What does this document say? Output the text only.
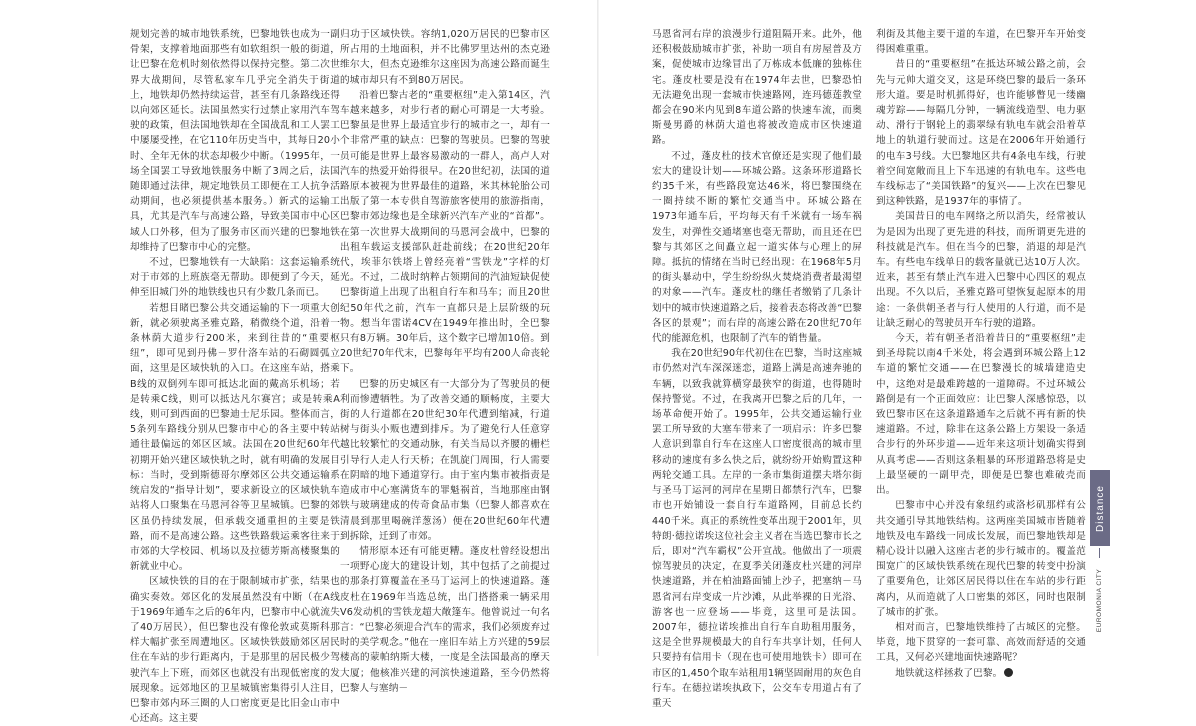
规划完善的城市地铁系统，巴黎地铁也成为一副骨架，支撑着地面那些有如软组织一般的街道，让巴黎在危机时刻依然得以保持完整。第二次世界大战期间，尽管私家车几乎完全消失于街道上，地铁却仍然持续运营，甚至有几条路线还得以向郊区延长。法国虽然实行过禁止家用汽车驾驶的政策，但法国地铁却在全国战乱和工人罢工中屡屡受挫，在它110年历史当中，其每日20小时、全年无休的状态却极少中断。（1995年，一场全国罢工导致地铁服务中断了3周之后，法国随即通过法律，规定地铁员工即便在工人抗争活动期间，也必须提供基本服务。）新式的运输工具，尤其是汽车与高速公路，导致美国市中心区域人口外移，但为了服务市区而兴建的巴黎地铁却维持了巴黎市中心的完整。

不过，巴黎地铁有一大缺陷：这套运输系统对于市郊的上班族毫无帮助。即便到了今天，延伸至旧城门外的地铁线也只有少数几条而已。

若想目睹巴黎公共交通运输的下一项重大创新，就必须驶离圣雅克路，稍微绕个道，沿着一条林荫大道步行200米，来到往昔的“重要枢纽”，即可见到丹佛－罗什洛车站的石砌圆弧立面，这里是区域快轨的入口。在这座车站，搭乘B线的双倒列车即可抵达北面的戴高乐机场；若是转乘C线，则可以抵达凡尔赛宫；或是转乘A线，则可到西面的巴黎迪士尼乐园。整体而言，5条列车路线分别从巴黎市中心的各主要中转站通往最偏远的郊区区域。法国在20世纪60年代初期开始兴建区域快轨之时，就有明确的发展目标：当时，受到斯德哥尔摩郊区公共交通运输系统启发的“指导计划”，要求新设立的区域快轨车站将人口聚集在马恩河谷等卫星城镇。巴黎的郊区虽仍持续发展，但承载交通重担的主要是铁路，而不是高速公路。这些铁路载运乘客往来于市郊的大学校园、机场以及拉德芳斯高楼聚集的新就业中心。

区域快铁的目的在于限制城市扩张，结果也确实奏效。郊区化的发展虽然没有中断（在A线于1969年通车之后的6年内，巴黎市中心就流失了40万居民），但巴黎也没有像伦敦或莫斯科那样大幅扩张至周遭地区。区域快铁鼓励郊区居民住在车站的步行距离内，于是那里的居民极少驾驶汽车上下班，而郊区也就没有出现低密度的发展现象。远郊地区的卫星城镇密集得引人注目，巴黎市郊内环三圈的人口密度更是比旧金山市中心还高。这主要

归功于区域快铁。容纳1,020万居民的巴黎市区所占用的土地面积，并不比佛罗里达州的杰克逊维尔大，但杰克逊维尔这座因为高速公路而诞生的城市却只有不到80万居民。

沿着巴黎古老的“重要枢纽”走入第14区，汽车越来越多，对步行者的耐心可谓是一大考验。巴黎虽是世界上最适宜步行的城市之一，却有一个非常严重的缺点：巴黎的驾驶员。巴黎的驾驶员可能是世界上最容易激动的一群人，高卢人对汽车的热爱开始得很早。在20世纪初，法国的道路原本被视为世界最佳的道路，米其林轮胎公司出版了第一本专供自驾游旅客使用的旅游指南，巴黎市郊边缘也是全球新兴汽车产业的“首都”。在第一次世界大战期间的马恩河会战中，巴黎的出租车载运支援部队赶赴前线；在20世纪20年代，埃菲尔铁塔上曾经亮着“雪铁龙”字样的灯光。不过，二战时纳粹占领期间的汽油短缺促使巴黎街道上出现了出租自行车和马车；而且20世纪50年代之前，汽车一直都只是上层阶级的玩物。想当年雷诺4CV在1949年推出时，全巴黎只有8万辆。30年后，这个数字已增加10倍。到20世纪70年代末，巴黎每年平均有200人命丧轮下。

巴黎的历史城区有一大部分为了驾驶员的便利而惨遭牺牲。为了改善交通的顺畅度，主要大街的人行道都在20世纪30年代遭到缩减，行道树与街头小贩也遭到排斥。为了避免行人任意穿越比较繁忙的交通动脉，有关当局以齐腰的栅栏引导行人走人行天桥；在凯旋门周围，行人需要在阴暗的地下通道穿行。由于室内集市被指责是造成市中心塞满货车的罪魁祸首，当地那座由钢铁与玻璃建成的传奇食品市集（巴黎人都喜欢在清晨到那里喝碗洋葱汤）便在20世纪60年代遭到拆除，迁到了市郊。

情形原本还有可能更糟。蓬皮杜曾经设想出一项野心庞大的建设计划，其中包括了之前提过的那条打算覆盖在圣马丁运河上的快速道路。蓬皮杜在1969年当选总统，出门搭搭乘一辆采用V6发动机的雪铁龙超大敞篷车。他曾说过一句名言：“巴黎必须迎合汽车的需求，我们必须废弃过时的美学观念。”他在一座旧车站上方兴建的59层楼高的蒙帕纳斯大楼，一度是全法国最高的摩天大厦；他核准兴建的河滨快速道路，至今仍然将巴黎人与塞纳－

马恩省河右岸的浪漫步行道阻隔开来。此外，他还积极鼓励城市扩张，补助一项自有房屋普及方案，促使城市边缘冒出了万栋成本低廉的独栋住宅。蓬皮杜要是没有在1974年去世，巴黎恐怕无法避免出现一套城市快速路网，连玛德莲教堂都会在90米内见到8车道公路的快速车流，而奥斯曼男爵的林荫大道也将被改造成市区快速道路。

不过，蓬皮杜的技术官僚还是实现了他们最宏大的建设计划——环城公路。这条环形道路长约35千米，有些路段宽达46米，将巴黎围绕在一圈持续不断的繁忙交通当中。环城公路在1973年通车后，平均每天有千米就有一场车祸发生，对弹性交通堵塞也毫无帮助，而且还在巴黎与其郊区之间矗立起一道实体与心理上的屏障。抵抗的情绪在当时已经出现：在1968年5月的街头暴动中，学生纷纷纵火焚烧消费者最渴望的对象——汽车。蓬皮杜的继任者缴销了几条计划中的城市快速道路之后，接着表态将改善“巴黎各区的景观”；而右岸的高速公路在20世纪70年代的能源危机，也限制了汽车的销售量。

我在20世纪90年代初住在巴黎，当时这座城市仍然对汽车深深迷恋，道路上满是高速奔驰的车辆，以致我就算横穿最狭窄的街道，也得随时保持警觉。不过，在我离开巴黎之后的几年，一场革命便开始了。1995年，公共交通运输行业罢工所导致的大塞车带来了一项启示：许多巴黎人意识到靠自行车在这座人口密度很高的城市里移动的速度有多么快之后，就纷纷开始购置这种两轮交通工具。左岸的一条市集街道摆夫塔尔街与圣马丁运河的河岸在星期日都禁行汽车，巴黎市也开始铺设一套自行车道路网，目前总长约440千米。真正的系统性变革出现于2001年，贝特朗·德拉诺埃这位社会主义者在当选巴黎市长之后，即对“汽车霸权”公开宣战。他做出了一项震惊驾驶员的决定，在夏季关闭蓬皮杜兴建的河岸快速道路，并在柏油路面铺上沙子，把塞纳－马恩省河右岸变成一片沙滩，从此举裸的日光浴、游客也一应登场——毕竟，这里可是法国。2007年，德拉诺埃推出自行车自助租用服务，这是全世界规模最大的自行车共享计划，任何人只要持有信用卡（现在也可使用地铁卡）即可在市区的1,450个取车站租用1辆坚固耐用的灰色自行车。在德拉诺埃执政下，公交车专用道占有了重天

利街及其他主要干道的车道，在巴黎开车开始变得困难重重。

昔日的“重要枢纽”在抵达环城公路之前，会先与元帅大道交叉，这是环绕巴黎的最后一条环形大道。要是时机抓得好，也许能够瞥见一缕幽魂芳踪——每隔几分钟，一辆流线造型、电力驱动、滑行于钢轮上的翡翠绿有轨电车就会沿着草地上的轨道行驶而过。这是在2006年开始通行的电车3号线。大巴黎地区共有4条电车线，行驶着空间宽敞而且上下车迅速的有轨电车。这些电车线标志了“美国铁路”的复兴——上次在巴黎见到这种铁路，是1937年的事情了。

美国昔日的电车网络之所以消失，经常被认为是因为出现了更先进的科技，而所谓更先进的科技就是汽车。但在当今的巴黎，消退的却是汽车。有些电车线单日的载客量就已达10万人次。近来，甚至有禁止汽车进入巴黎中心四区的观点出现。不久以后，圣雅克路可望恢复起原本的用途：一条供朝圣者与行人使用的人行道，而不是让缺乏耐心的驾驶员开车行驶的道路。

今天，若有朝圣者沿着昔日的“重要枢纽”走到圣母院以南4千米处，将会遇到环城公路上12车道的繁忙交通——在巴黎漫长的城墙建造史中，这绝对是最难跨越的一道障碍。不过环城公路倒是有一个正面效应：让巴黎人深感惊恐，以致巴黎市区在这条道路通车之后就不再有新的快速道路。不过，除非在这条公路上方架设一条适合步行的外环步道——近年来这项计划确实得到从真考虑——否则这条粗暴的环形道路恐将是史上最坚硬的一副甲壳，即便是巴黎也难破壳而出。

巴黎市中心并没有象纽约或洛杉矶那样有公共交通引导其地铁结构。这两座美国城市皆随着地铁及电车路线一同成长发展，而巴黎地铁却是精心设计以融入这座古老的步行城市的。覆盖范围宽广的区域快铁系统在现代巴黎的转变中扮演了重要角色，让郊区居民得以住在车站的步行距离内，从而造就了人口密集的郊区，同时也限制了城市的扩张。

相对而言，巴黎地铁维持了古城区的完整。毕竟，地下贯穿的一套可靠、高效而舒适的交通工具，又何必兴建地面快速路呢？

地铁就这样拯救了巴黎。	E

Distance
EUROMONIA CITY
